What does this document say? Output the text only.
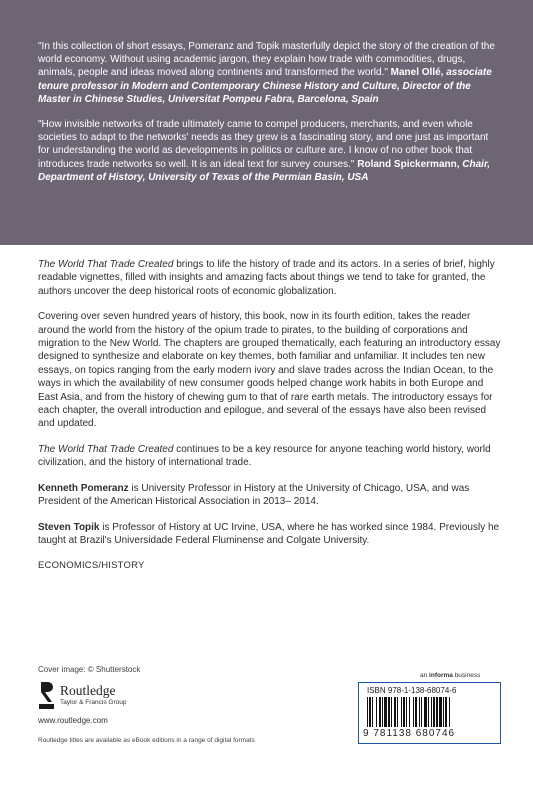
"In this collection of short essays, Pomeranz and Topik masterfully depict the story of the creation of the world economy. Without using academic jargon, they explain how trade with commodities, drugs, animals, people and ideas moved along continents and transformed the world." Manel Ollé, associate tenure professor in Modern and Contemporary Chinese History and Culture, Director of the Master in Chinese Studies, Universitat Pompeu Fabra, Barcelona, Spain

"How invisible networks of trade ultimately came to compel producers, merchants, and even whole societies to adapt to the networks' needs as they grew is a fascinating story, and one just as important for understanding the world as developments in politics or culture are. I know of no other book that introduces trade networks so well. It is an ideal text for survey courses." Roland Spickermann, Chair, Department of History, University of Texas of the Permian Basin, USA

The World That Trade Created brings to life the history of trade and its actors. In a series of brief, highly readable vignettes, filled with insights and amazing facts about things we tend to take for granted, the authors uncover the deep historical roots of economic globalization.

Covering over seven hundred years of history, this book, now in its fourth edition, takes the reader around the world from the history of the opium trade to pirates, to the building of corporations and migration to the New World. The chapters are grouped thematically, each featuring an introductory essay designed to synthesize and elaborate on key themes, both familiar and unfamiliar. It includes ten new essays, on topics ranging from the early modern ivory and slave trades across the Indian Ocean, to the ways in which the availability of new consumer goods helped change work habits in both Europe and East Asia, and from the history of chewing gum to that of rare earth metals. The introductory essays for each chapter, the overall introduction and epilogue, and several of the essays have also been revised and updated.

The World That Trade Created continues to be a key resource for anyone teaching world history, world civilization, and the history of international trade.

Kenneth Pomeranz is University Professor in History at the University of Chicago, USA, and was President of the American Historical Association in 2013– 2014.

Steven Topik is Professor of History at UC Irvine, USA, where he has worked since 1984. Previously he taught at Brazil's Universidade Federal Fluminense and Colgate University.

ECONOMICS/HISTORY

Cover image: © Shutterstock
Routledge
Taylor & Francis Group
www.routledge.com
Routledge titles are available as eBook editions in a range of digital formats
an informa business
ISBN 978-1-138-68074-6
9 781138 680746
